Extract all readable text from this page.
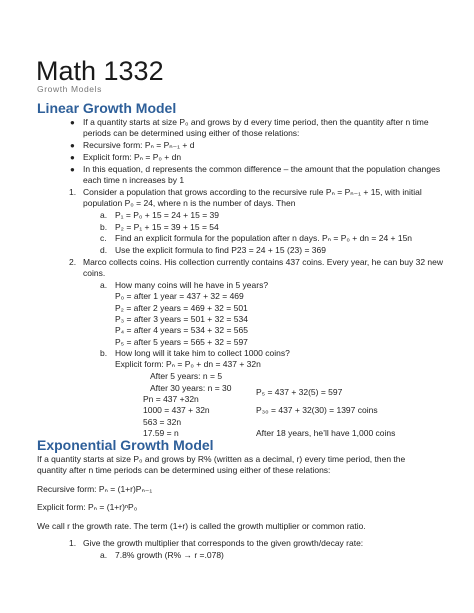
Math 1332
Growth Models
Linear Growth Model
● If a quantity starts at size P₀ and grows by d every time period, then the quantity after n time
periods can be determined using either of those relations:
● Recursive form: Pₙ = Pₙ₋₁ + d
● Explicit form: Pₙ = P₀ + dn
● In this equation, d represents the common difference – the amount that the population changes
each time n increases by 1
1. Consider a population that grows according to the recursive rule Pₙ = Pₙ₋₁ + 15, with initial
population P₀ = 24, where n is the number of days. Then
a. P₁ = P₀ + 15 = 24 + 15 = 39
b. P₂ = P₁ + 15 = 39 + 15 = 54
c. Find an explicit formula for the population after n days. Pₙ = P₀ + dn = 24 + 15n
d. Use the explicit formula to find P23 = 24 + 15 (23) = 369
2. Marco collects coins. His collection currently contains 437 coins. Every year, he can buy 32 new
coins.
a. How many coins will he have in 5 years?
P₀ = after 1 year = 437 + 32 = 469
P₂ = after 2 years = 469 + 32 = 501
P₃ = after 3 years = 501 + 32 = 534
P₄ = after 4 years = 534 + 32 = 565
P₅ = after 5 years = 565 + 32 = 597
b. How long will it take him to collect 1000 coins?
Explicit form: Pₙ = P₀ + dn = 437 + 32n
After 5 years: n = 5
After 30 years: n = 30
Pn = 437 +32n
1000 = 437 + 32n
563 = 32n
17.59 = n
P₅ = 437 + 32(5) = 597
P₃₀ = 437 + 32(30) = 1397 coins
After 18 years, he’ll have 1,000 coins
Exponential Growth Model
If a quantity starts at size P₀ and grows by R% (written as a decimal, r) every time period, then the
quantity after n time periods can be determined using either of these relations:
Recursive form: Pₙ = (1+r)Pₙ₋₁
Explicit form: Pₙ = (1+r)ⁿP₀
We call r the growth rate. The term (1+r) is called the growth multiplier or common ratio.
1. Give the growth multiplier that corresponds to the given growth/decay rate:
a. 7.8% growth (R% → r =.078)
